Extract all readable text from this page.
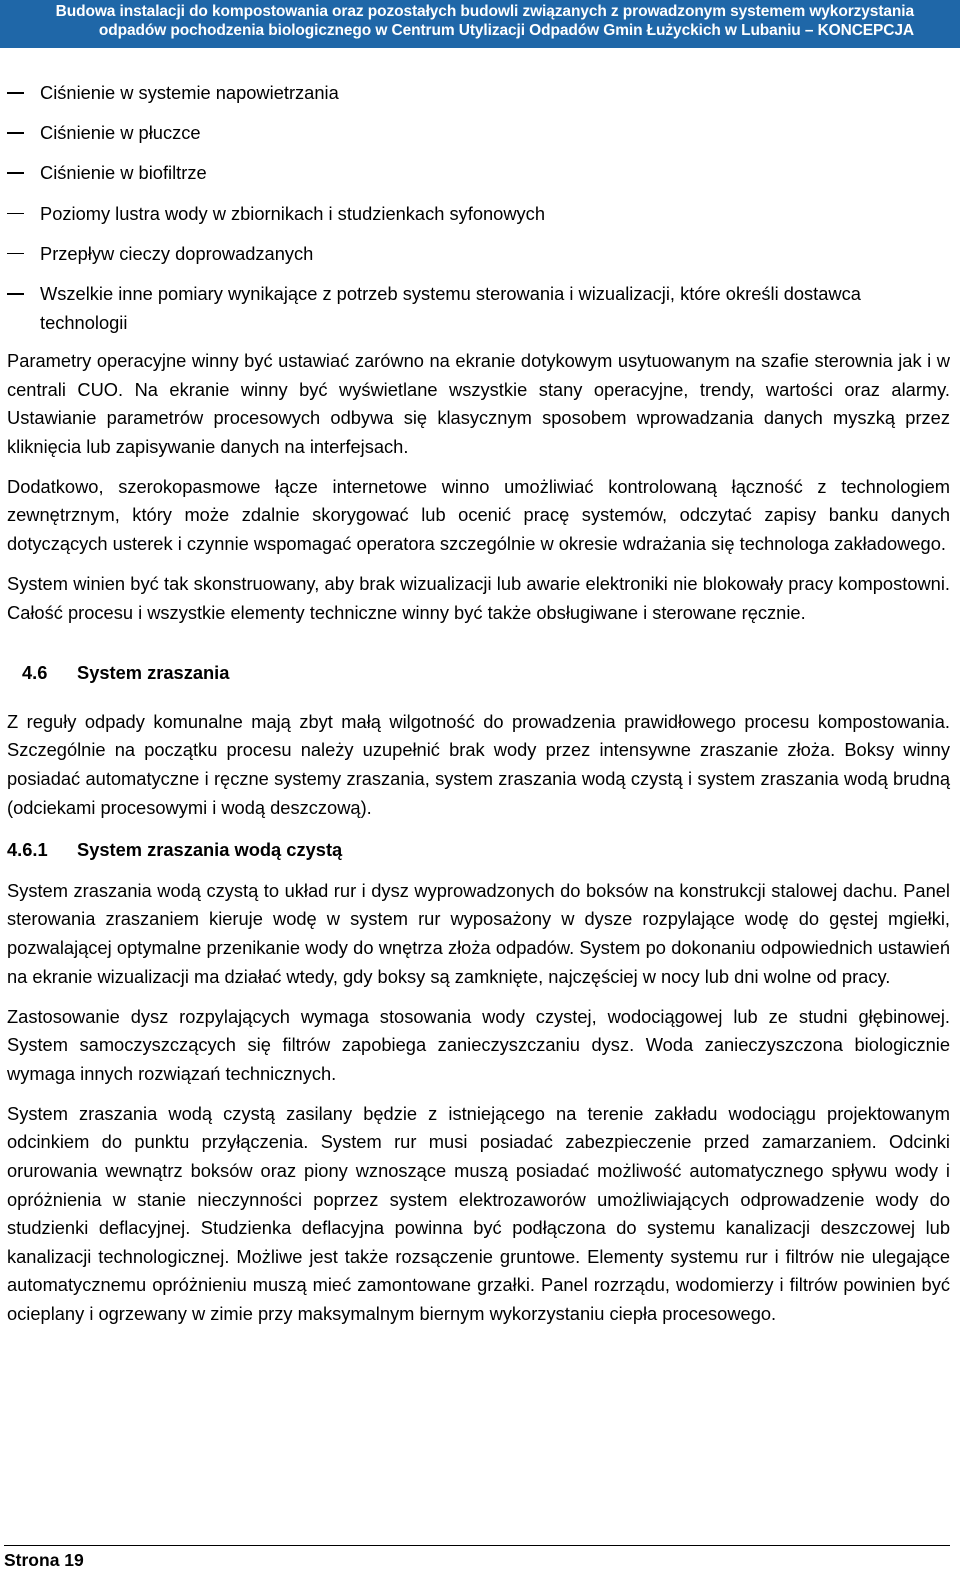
Budowa instalacji do kompostowania oraz pozostałych budowli związanych z prowadzonym systemem wykorzystania
odpadów pochodzenia biologicznego w Centrum Utylizacji Odpadów Gmin Łużyckich w Lubaniu – KONCEPCJA
Ciśnienie w systemie napowietrzania
Ciśnienie w płuczce
Ciśnienie w biofiltrze
Poziomy lustra wody w zbiornikach i studzienkach syfonowych
Przepływ cieczy doprowadzanych
Wszelkie inne pomiary wynikające z potrzeb systemu sterowania i wizualizacji, które określi dostawca technologii

Parametry operacyjne winny być ustawiać zarówno na ekranie dotykowym usytuowanym na szafie sterownia jak i w centrali CUO. Na ekranie winny być wyświetlane wszystkie stany operacyjne, trendy, wartości oraz alarmy. Ustawianie parametrów procesowych odbywa się klasycznym sposobem wprowadzania danych myszką przez kliknięcia lub zapisywanie danych na interfejsach.

Dodatkowo, szerokopasmowe łącze internetowe winno umożliwiać kontrolowaną łączność z technologiem zewnętrznym, który może zdalnie skorygować lub ocenić pracę systemów, odczytać zapisy banku danych dotyczących usterek i czynnie wspomagać operatora szczególnie w okresie wdrażania się technologa zakładowego.

System winien być tak skonstruowany, aby brak wizualizacji lub awarie elektroniki nie blokowały pracy kompostowni. Całość procesu i wszystkie elementy techniczne winny być także obsługiwane i sterowane ręcznie.

4.6	System zraszania

Z reguły odpady komunalne mają zbyt małą wilgotność do prowadzenia prawidłowego procesu kompostowania. Szczególnie na początku procesu należy uzupełnić brak wody przez intensywne zraszanie złoża. Boksy winny posiadać automatyczne i ręczne systemy zraszania, system zraszania wodą czystą i system zraszania wodą brudną (odciekami procesowymi i wodą deszczową).

4.6.1	System zraszania wodą czystą

System zraszania wodą czystą to układ rur i dysz wyprowadzonych do boksów na konstrukcji stalowej dachu. Panel sterowania zraszaniem kieruje wodę w system rur wyposażony w dysze rozpylające wodę do gęstej mgiełki, pozwalającej optymalne przenikanie wody do wnętrza złoża odpadów. System po dokonaniu odpowiednich ustawień na ekranie wizualizacji ma działać wtedy, gdy boksy są zamknięte, najczęściej w nocy lub dni wolne od pracy.

Zastosowanie dysz rozpylających wymaga stosowania wody czystej, wodociągowej lub ze studni głębinowej. System samoczyszczących się filtrów zapobiega zanieczyszczaniu dysz. Woda zanieczyszczona biologicznie wymaga innych rozwiązań technicznych.

System zraszania wodą czystą zasilany będzie z istniejącego na terenie zakładu wodociągu projektowanym odcinkiem do punktu przyłączenia. System rur musi posiadać zabezpieczenie przed zamarzaniem. Odcinki orurowania wewnątrz boksów oraz piony wznoszące muszą posiadać możliwość automatycznego spływu wody i opróżnienia w stanie nieczynności poprzez system elektrozaworów umożliwiających odprowadzenie wody do studzienki deflacyjnej. Studzienka deflacyjna powinna być podłączona do systemu kanalizacji deszczowej lub kanalizacji technologicznej. Możliwe jest także rozsączenie gruntowe. Elementy systemu rur i filtrów nie ulegające automatycznemu opróżnieniu muszą mieć zamontowane grzałki. Panel rozrządu, wodomierzy i filtrów powinien być ocieplany i ogrzewany w zimie przy maksymalnym biernym wykorzystaniu ciepła procesowego.

Strona 19
